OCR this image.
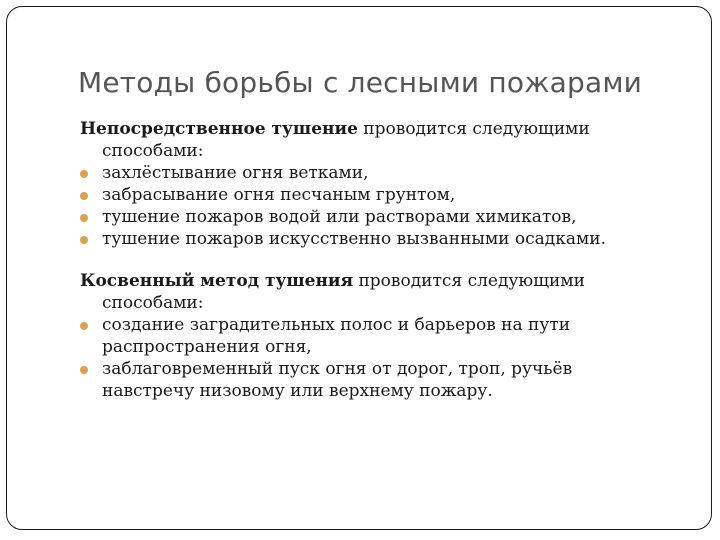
Методы борьбы с лесными пожарами
Непосредственное тушение проводится следующими
способами:
захлёстывание огня ветками,
забрасывание огня песчаным грунтом,
тушение пожаров водой или растворами химикатов,
тушение пожаров искусственно вызванными осадками.
Косвенный метод тушения проводится следующими
способами:
создание заградительных полос и барьеров на пути
распространения огня,
заблаговременный пуск огня от дорог, троп, ручьёв
навстречу низовому или верхнему пожару.
